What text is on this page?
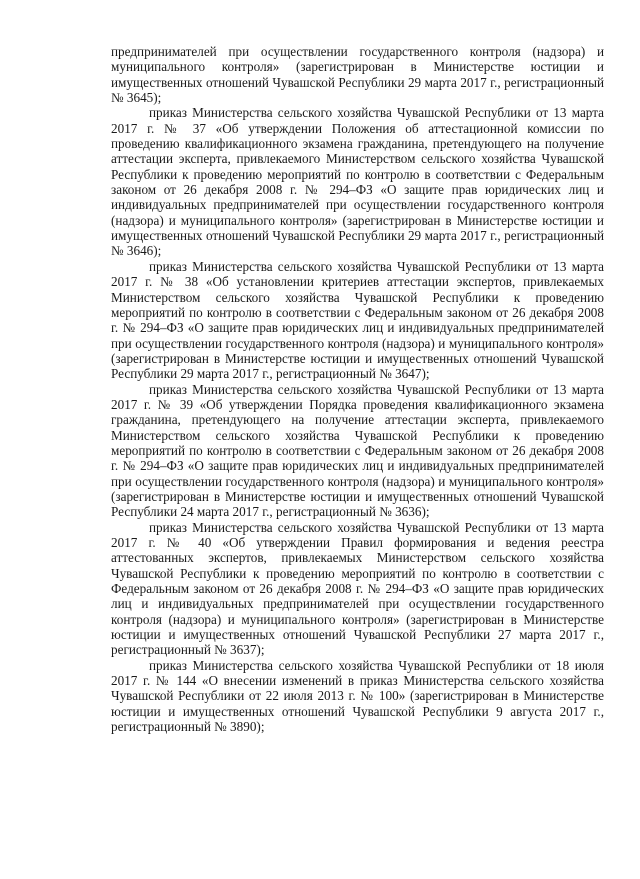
предпринимателей при осуществлении государственного контроля (надзора) и муниципального контроля» (зарегистрирован в Министерстве юстиции и имущественных отношений Чувашской Республики 29 марта 2017 г., регистрационный № 3645);

приказ Министерства сельского хозяйства Чувашской Республики от 13 марта 2017 г. № 37 «Об утверждении Положения об аттестационной комиссии по проведению квалификационного экзамена гражданина, претендующего на получение аттестации эксперта, привлекаемого Министерством сельского хозяйства Чувашской Республики к проведению мероприятий по контролю в соответствии с Федеральным законом от 26 декабря 2008 г. № 294–ФЗ «О защите прав юридических лиц и индивидуальных предпринимателей при осуществлении государственного контроля (надзора) и муниципального контроля» (зарегистрирован в Министерстве юстиции и имущественных отношений Чувашской Республики 29 марта 2017 г., регистрационный № 3646);

приказ Министерства сельского хозяйства Чувашской Республики от 13 марта 2017 г. № 38 «Об установлении критериев аттестации экспертов, привлекаемых Министерством сельского хозяйства Чувашской Республики к проведению мероприятий по контролю в соответствии с Федеральным законом от 26 декабря 2008 г. № 294–ФЗ «О защите прав юридических лиц и индивидуальных предпринимателей при осуществлении государственного контроля (надзора) и муниципального контроля» (зарегистрирован в Министерстве юстиции и имущественных отношений Чувашской Республики 29 марта 2017 г., регистрационный № 3647);

приказ Министерства сельского хозяйства Чувашской Республики от 13 марта 2017 г. № 39 «Об утверждении Порядка проведения квалификационного экзамена гражданина, претендующего на получение аттестации эксперта, привлекаемого Министерством сельского хозяйства Чувашской Республики к проведению мероприятий по контролю в соответствии с Федеральным законом от 26 декабря 2008 г. № 294–ФЗ «О защите прав юридических лиц и индивидуальных предпринимателей при осуществлении государственного контроля (надзора) и муниципального контроля» (зарегистрирован в Министерстве юстиции и имущественных отношений Чувашской Республики 24 марта 2017 г., регистрационный № 3636);

приказ Министерства сельского хозяйства Чувашской Республики от 13 марта 2017 г. № 40 «Об утверждении Правил формирования и ведения реестра аттестованных экспертов, привлекаемых Министерством сельского хозяйства Чувашской Республики к проведению мероприятий по контролю в соответствии с Федеральным законом от 26 декабря 2008 г. № 294–ФЗ «О защите прав юридических лиц и индивидуальных предпринимателей при осуществлении государственного контроля (надзора) и муниципального контроля» (зарегистрирован в Министерстве юстиции и имущественных отношений Чувашской Республики 27 марта 2017 г., регистрационный № 3637);

приказ Министерства сельского хозяйства Чувашской Республики от 18 июля 2017 г. № 144 «О внесении изменений в приказ Министерства сельского хозяйства Чувашской Республики от 22 июля 2013 г. № 100» (зарегистрирован в Министерстве юстиции и имущественных отношений Чувашской Республики 9 августа 2017 г., регистрационный № 3890);
